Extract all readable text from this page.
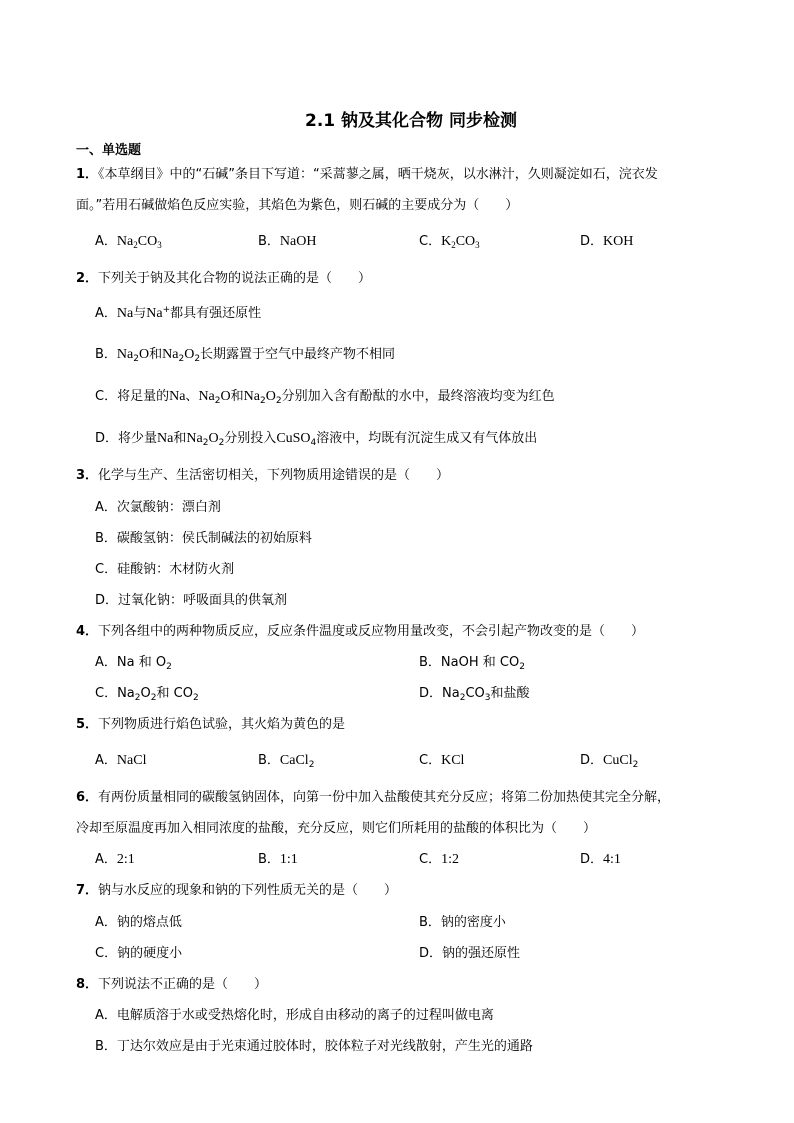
2.1 钠及其化合物 同步检测
一、单选题
1．《本草纲目》中的“石碱”条目下写道：“采蒿蓼之属，晒干烧灰，以水淋汁，久则凝淀如石，浣衣发
面。”若用石碱做焰色反应实验，其焰色为紫色，则石碱的主要成分为（　　）
A．$Na_2CO_3$	B．NaOH	C．$K_2CO_3$	D．KOH
2．下列关于钠及其化合物的说法正确的是（　　）
A．Na与Na+都具有强还原性
B．$Na_2O$和$Na_2O_2$长期露置于空气中最终产物不相同
C．将足量的Na、$Na_2O$和$Na_2O_2$分别加入含有酚酞的水中，最终溶液均变为红色
D．将少量Na和$Na_2O_2$分别投入CuSO$_4$溶液中，均既有沉淀生成又有气体放出
3．化学与生产、生活密切相关，下列物质用途错误的是（　　）
A．次氯酸钠：漂白剂
B．碳酸氢钠：侯氏制碱法的初始原料
C．硅酸钠：木材防火剂
D．过氧化钠：呼吸面具的供氧剂
4．下列各组中的两种物质反应，反应条件温度或反应物用量改变，不会引起产物改变的是（　　）
A．Na 和 $O_2$	B．NaOH 和 $CO_2$
C．$Na_2O_2$和 $CO_2$	D．$Na_2CO_3$和盐酸
5．下列物质进行焰色试验，其火焰为黄色的是
A．NaCl	B．CaCl$_2$	C．KCl	D．CuCl$_2$
6．有两份质量相同的碳酸氢钠固体，向第一份中加入盐酸使其充分反应；将第二份加热使其完全分解，
冷却至原温度再加入相同浓度的盐酸，充分反应，则它们所耗用的盐酸的体积比为（　　）
A．2:1	B．1:1	C．1:2	D．4:1
7．钠与水反应的现象和钠的下列性质无关的是（　　）
A．钠的熔点低	B．钠的密度小
C．钠的硬度小	D．钠的强还原性
8．下列说法不正确的是（　　）
A．电解质溶于水或受热熔化时，形成自由移动的离子的过程叫做电离
B．丁达尔效应是由于光束通过胶体时，胶体粒子对光线散射，产生光的通路
